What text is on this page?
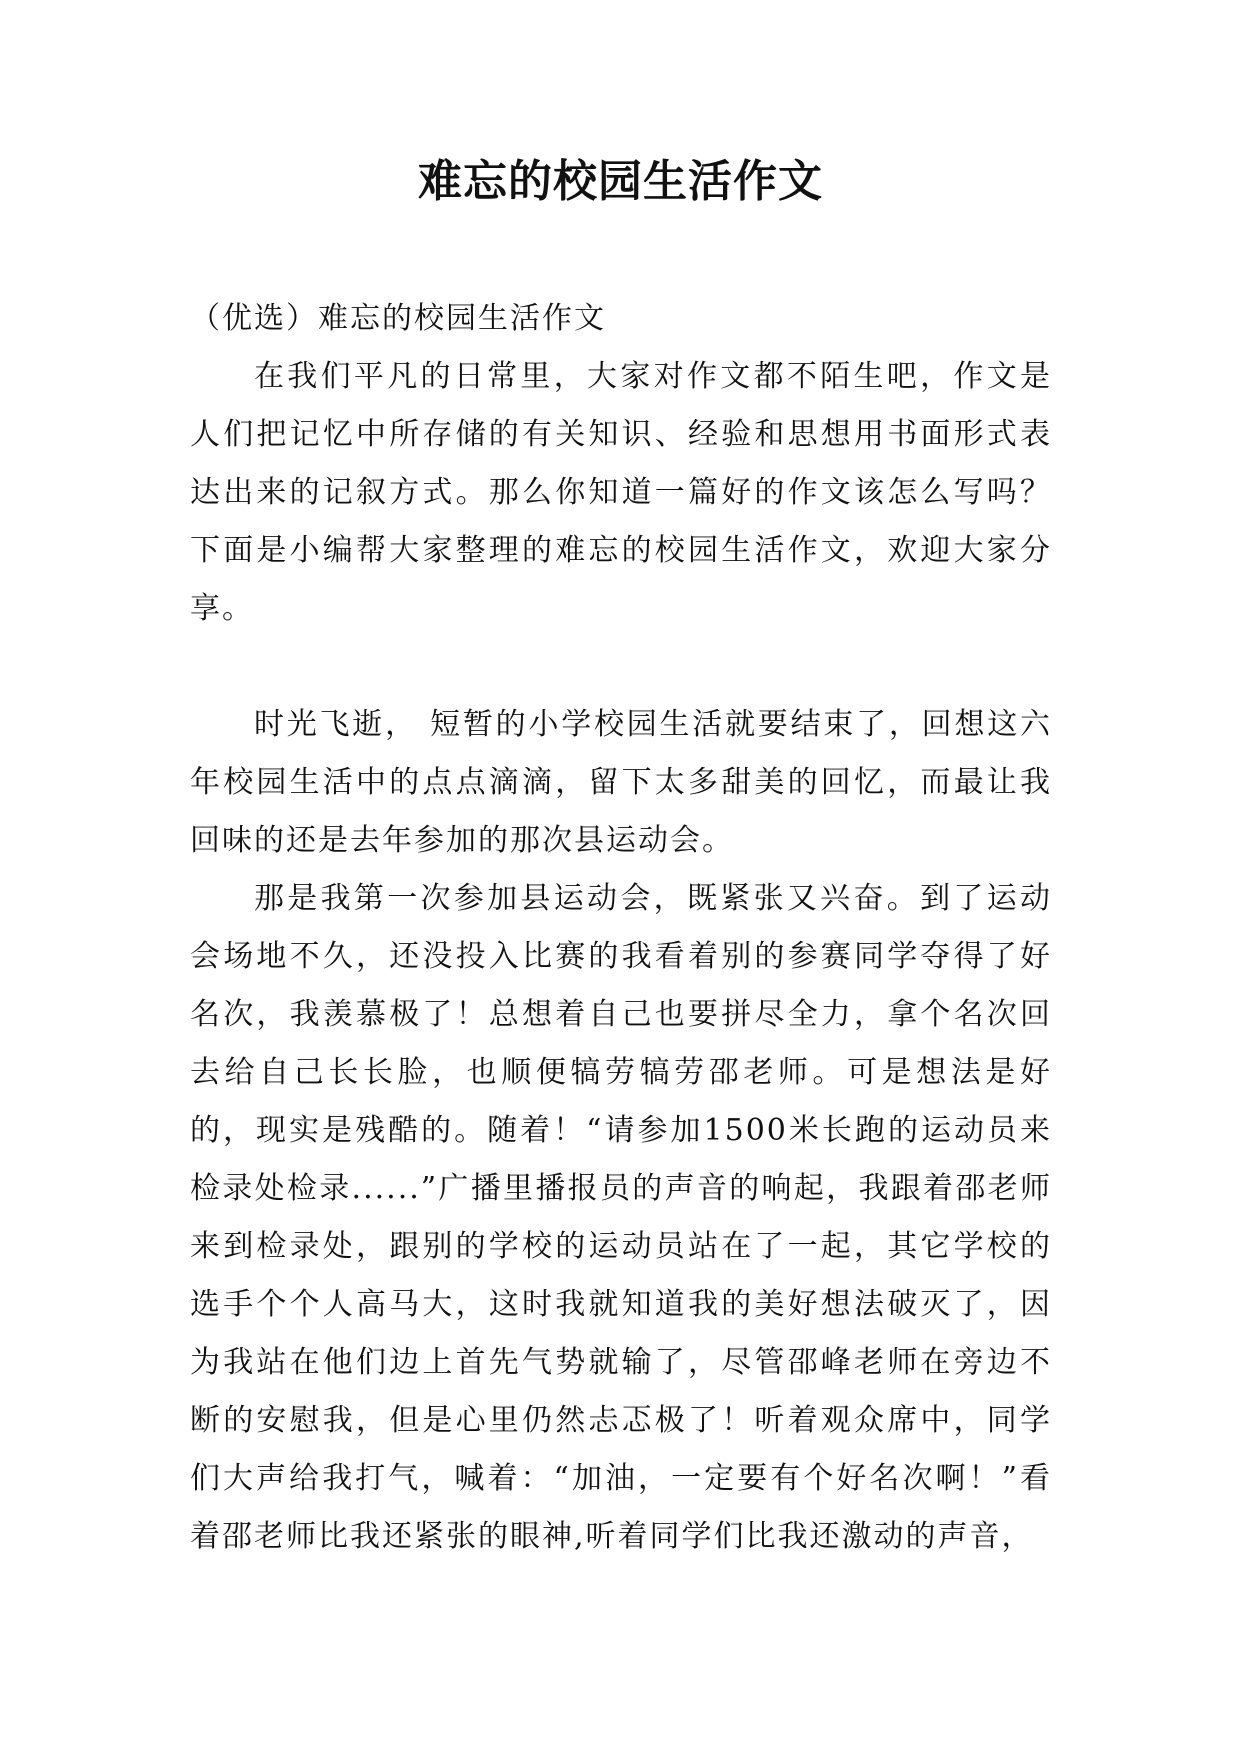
难忘的校园生活作文

（优选）难忘的校园生活作文

在我们平凡的日常里，大家对作文都不陌生吧，作文是人们把记忆中所存储的有关知识、经验和思想用书面形式表达出来的记叙方式。那么你知道一篇好的作文该怎么写吗？下面是小编帮大家整理的难忘的校园生活作文，欢迎大家分享。

时光飞逝， 短暂的小学校园生活就要结束了，回想这六年校园生活中的点点滴滴，留下太多甜美的回忆，而最让我回味的还是去年参加的那次县运动会。

那是我第一次参加县运动会，既紧张又兴奋。到了运动会场地不久，还没投入比赛的我看着别的参赛同学夺得了好名次，我羡慕极了！总想着自己也要拼尽全力，拿个名次回去给自己长长脸，也顺便犒劳犒劳邵老师。可是想法是好的，现实是残酷的。随着！“请参加1500米长跑的运动员来检录处检录......”广播里播报员的声音的响起，我跟着邵老师来到检录处，跟别的学校的运动员站在了一起，其它学校的选手个个人高马大，这时我就知道我的美好想法破灭了，因为我站在他们边上首先气势就输了，尽管邵峰老师在旁边不断的安慰我，但是心里仍然忐忑极了！听着观众席中，同学们大声给我打气，喊着：“加油，一定要有个好名次啊！”看着邵老师比我还紧张的眼神,听着同学们比我还激动的声音，
